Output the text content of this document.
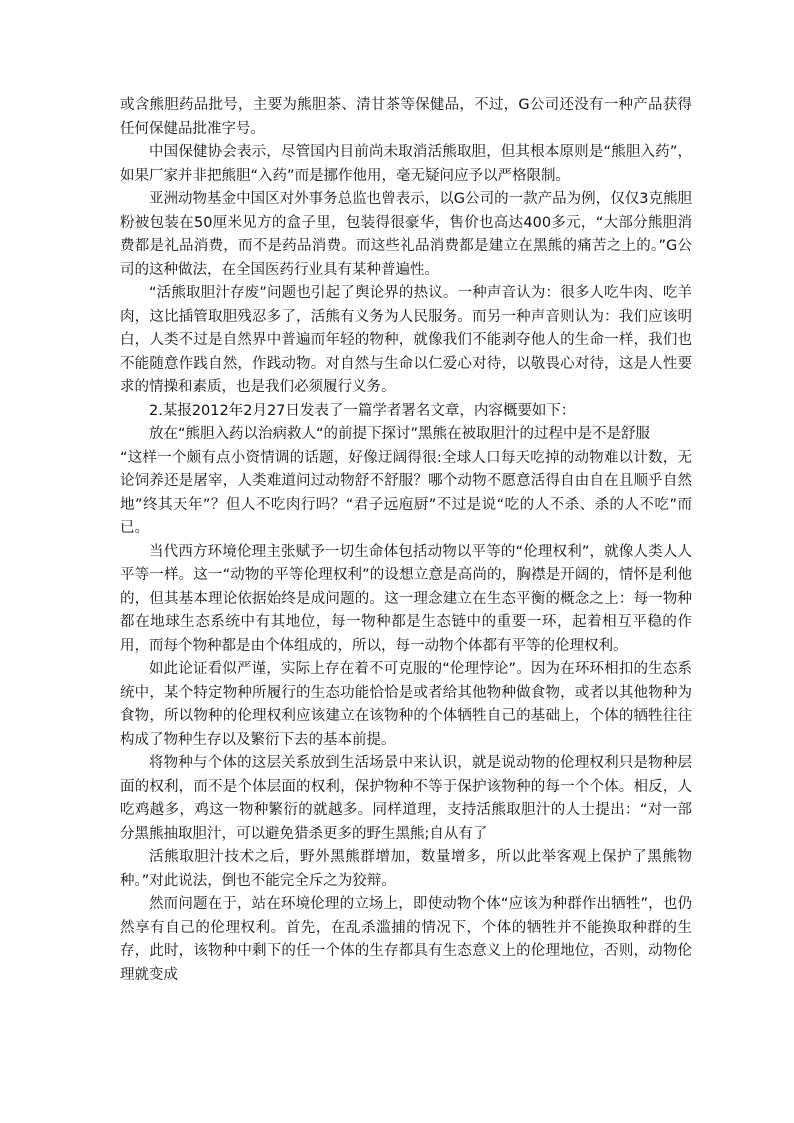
或含熊胆药品批号，主要为熊胆茶、清甘茶等保健品，不过，G公司还没有一种产品获得任何保健品批准字号。

中国保健协会表示，尽管国内目前尚未取消活熊取胆，但其根本原则是“熊胆入药”，如果厂家并非把熊胆“入药”而是挪作他用，毫无疑问应予以严格限制。

亚洲动物基金中国区对外事务总监也曾表示，以G公司的一款产品为例，仅仅3克熊胆粉被包装在50厘米见方的盒子里，包装得很豪华，售价也高达400多元，“大部分熊胆消费都是礼品消费，而不是药品消费。而这些礼品消费都是建立在黑熊的痛苦之上的。”G公司的这种做法，在全国医药行业具有某种普遍性。

“活熊取胆汁存废”问题也引起了舆论界的热议。一种声音认为：很多人吃牛肉、吃羊肉，这比插管取胆残忍多了，活熊有义务为人民服务。而另一种声音则认为：我们应该明白，人类不过是自然界中普遍而年轻的物种，就像我们不能剥夺他人的生命一样，我们也不能随意作践自然，作践动物。对自然与生命以仁爱心对待，以敬畏心对待，这是人性要求的情操和素质，也是我们必须履行义务。

2.某报2012年2月27日发表了一篇学者署名文章，内容概要如下：

放在“熊胆入药以治病救人“的前提下探讨”黑熊在被取胆汁的过程中是不是舒服

“这样一个颇有点小资情调的话题，好像迂阔得很:全球人口每天吃掉的动物难以计数，无论饲养还是屠宰，人类难道问过动物舒不舒服？哪个动物不愿意活得自由自在且顺乎自然地”终其天年”？但人不吃肉行吗？“君子远庖厨”不过是说“吃的人不杀、杀的人不吃”而已。

当代西方环境伦理主张赋予一切生命体包括动物以平等的“伦理权利”，就像人类人人平等一样。这一“动物的平等伦理权利”的设想立意是高尚的，胸襟是开阔的，情怀是利他的，但其基本理论依据始终是成问题的。这一理念建立在生态平衡的概念之上：每一物种都在地球生态系统中有其地位，每一物种都是生态链中的重要一环，起着相互平稳的作用，而每个物种都是由个体组成的，所以，每一动物个体都有平等的伦理权利。

如此论证看似严谨，实际上存在着不可克服的“伦理悖论”。因为在环环相扣的生态系统中，某个特定物种所履行的生态功能恰恰是或者给其他物种做食物，或者以其他物种为食物，所以物种的伦理权利应该建立在该物种的个体牺牲自己的基础上，个体的牺牲往往构成了物种生存以及繁衍下去的基本前提。

将物种与个体的这层关系放到生活场景中来认识，就是说动物的伦理权利只是物种层面的权利，而不是个体层面的权利，保护物种不等于保护该物种的每一个个体。相反，人吃鸡越多，鸡这一物种繁衍的就越多。同样道理，支持活熊取胆汁的人士提出：“对一部分黑熊抽取胆汁，可以避免猎杀更多的野生黑熊;自从有了

活熊取胆汁技术之后，野外黑熊群增加，数量增多，所以此举客观上保护了黑熊物种。”对此说法，倒也不能完全斥之为狡辩。

然而问题在于，站在环境伦理的立场上，即使动物个体“应该为种群作出牺牲”，也仍然享有自己的伦理权利。首先，在乱杀滥捕的情况下，个体的牺牲并不能换取种群的生存，此时，该物种中剩下的任一个体的生存都具有生态意义上的伦理地位，否则，动物伦理就变成
